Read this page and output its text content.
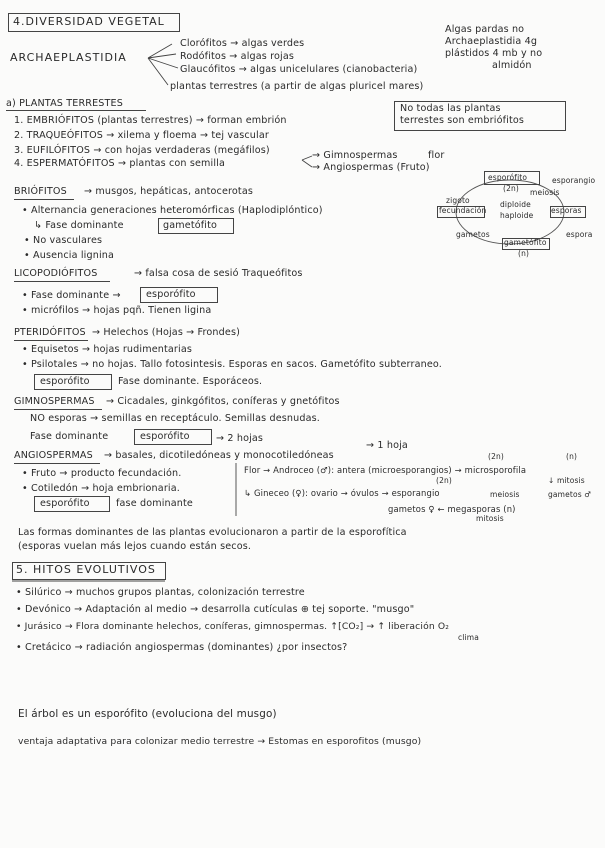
4.DIVERSIDAD VEGETAL
ARCHAEPLASTIDIA
Clorófitos → algas verdes
Rodófitos → algas rojas
Glaucófitos → algas unicelulares (cianobacteria)
plantas terrestres (a partir de algas pluricel mares)
Algas pardas no
Archaeplastidia 4g
plástidos 4 mb y no
almidón
a) PLANTAS TERRESTES
1. EMBRIÓFITOS (plantas terrestres) → forman embrión
2. TRAQUEÓFITOS → xilema y floema → tej vascular
3. EUFILÓFITOS → con hojas verdaderas (megáfilos)
4. ESPERMATÓFITOS → plantas con semilla
→ Gimnospermas	flor
→ Angiospermas (Fruto)
No todas las plantas
terrestes son embriófitos
esporófito
(2n)
esporangio
meiosis
zigoto
fecundación
diploide
haploide
esporas
gametos
gametófito
(n)
espora
BRIÓFITOS → musgos, hepáticas, antocerotas
• Alternancia generaciones heteromórficas (Haplodiplóntico)
↳ Fase dominante	gametófito
• No vasculares
• Ausencia lignina
LICOPODIÓFITOS	→ falsa cosa de sesió Traqueófitos
• Fase dominante →	esporófito
• micrófilos → hojas pqñ. Tienen ligina
PTERIDÓFITOS → Helechos (Hojas → Frondes)
• Equisetos → hojas rudimentarias
• Psilotales → no hojas. Tallo fotosintesis. Esporas en sacos. Gametófito subterraneo.
esporófito	Fase dominante. Esporáceos.
GIMNOSPERMAS → Cicadales, ginkgófitos, coníferas y gnetófitos
NO esporas → semillas en receptáculo. Semillas desnudas.
Fase dominante	esporófito	→ 2 hojas
→ 1 hoja
ANGIOSPERMAS → basales, dicotiledóneas y monocotiledóneas
• Fruto → producto fecundación.
• Cotiledón → hoja embrionaria.
esporófito	fase dominante
(2n)	(n)
Flor → Androceo (♂): antera (microesporangios) → microsporofila
(2n)
↳ Gineceo (♀): ovario → óvulos → esporangio	meiosis
↓ mitosis
gametos ♂
gametos ♀ ← megasporas (n)
mitosis
Las formas dominantes de las plantas evolucionaron a partir de la esporofítica
(esporas vuelan más lejos cuando están secos.
5. HITOS EVOLUTIVOS
• Silúrico → muchos grupos plantas, colonización terrestre
• Devónico → Adaptación al medio → desarrolla cutículas ⊕ tej soporte. "musgo"
• Jurásico → Flora dominante helechos, coníferas, gimnospermas. ↑[CO₂] → ↑ liberación O₂
clima
• Cretácico → radiación angiospermas (dominantes) ¿por insectos?
El árbol es un esporófito (evoluciona del musgo)
ventaja adaptativa para colonizar medio terrestre → Estomas en esporofitos (musgo)
